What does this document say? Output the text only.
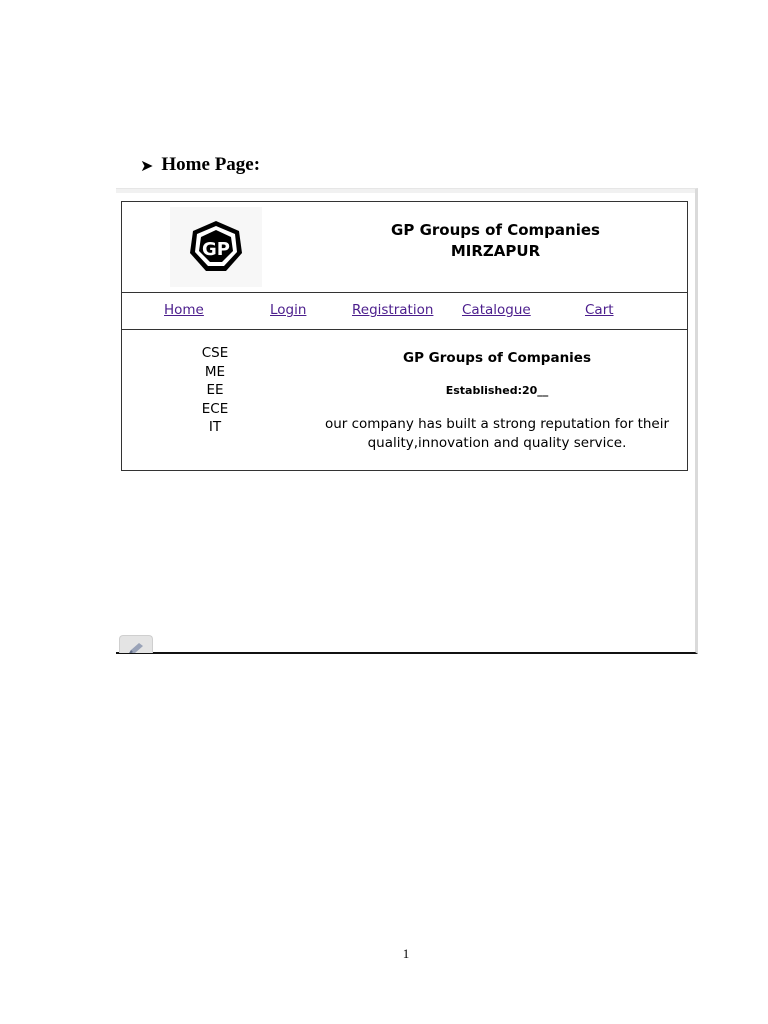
➤ Home Page:
GP
GP Groups of Companies
MIRZAPUR
Home	Login	Registration Catalogue	Cart
CSE
ME
EE
ECE
IT
GP Groups of Companies
Established:20__
our company has built a strong reputation for their
quality,innovation and quality service.
1
